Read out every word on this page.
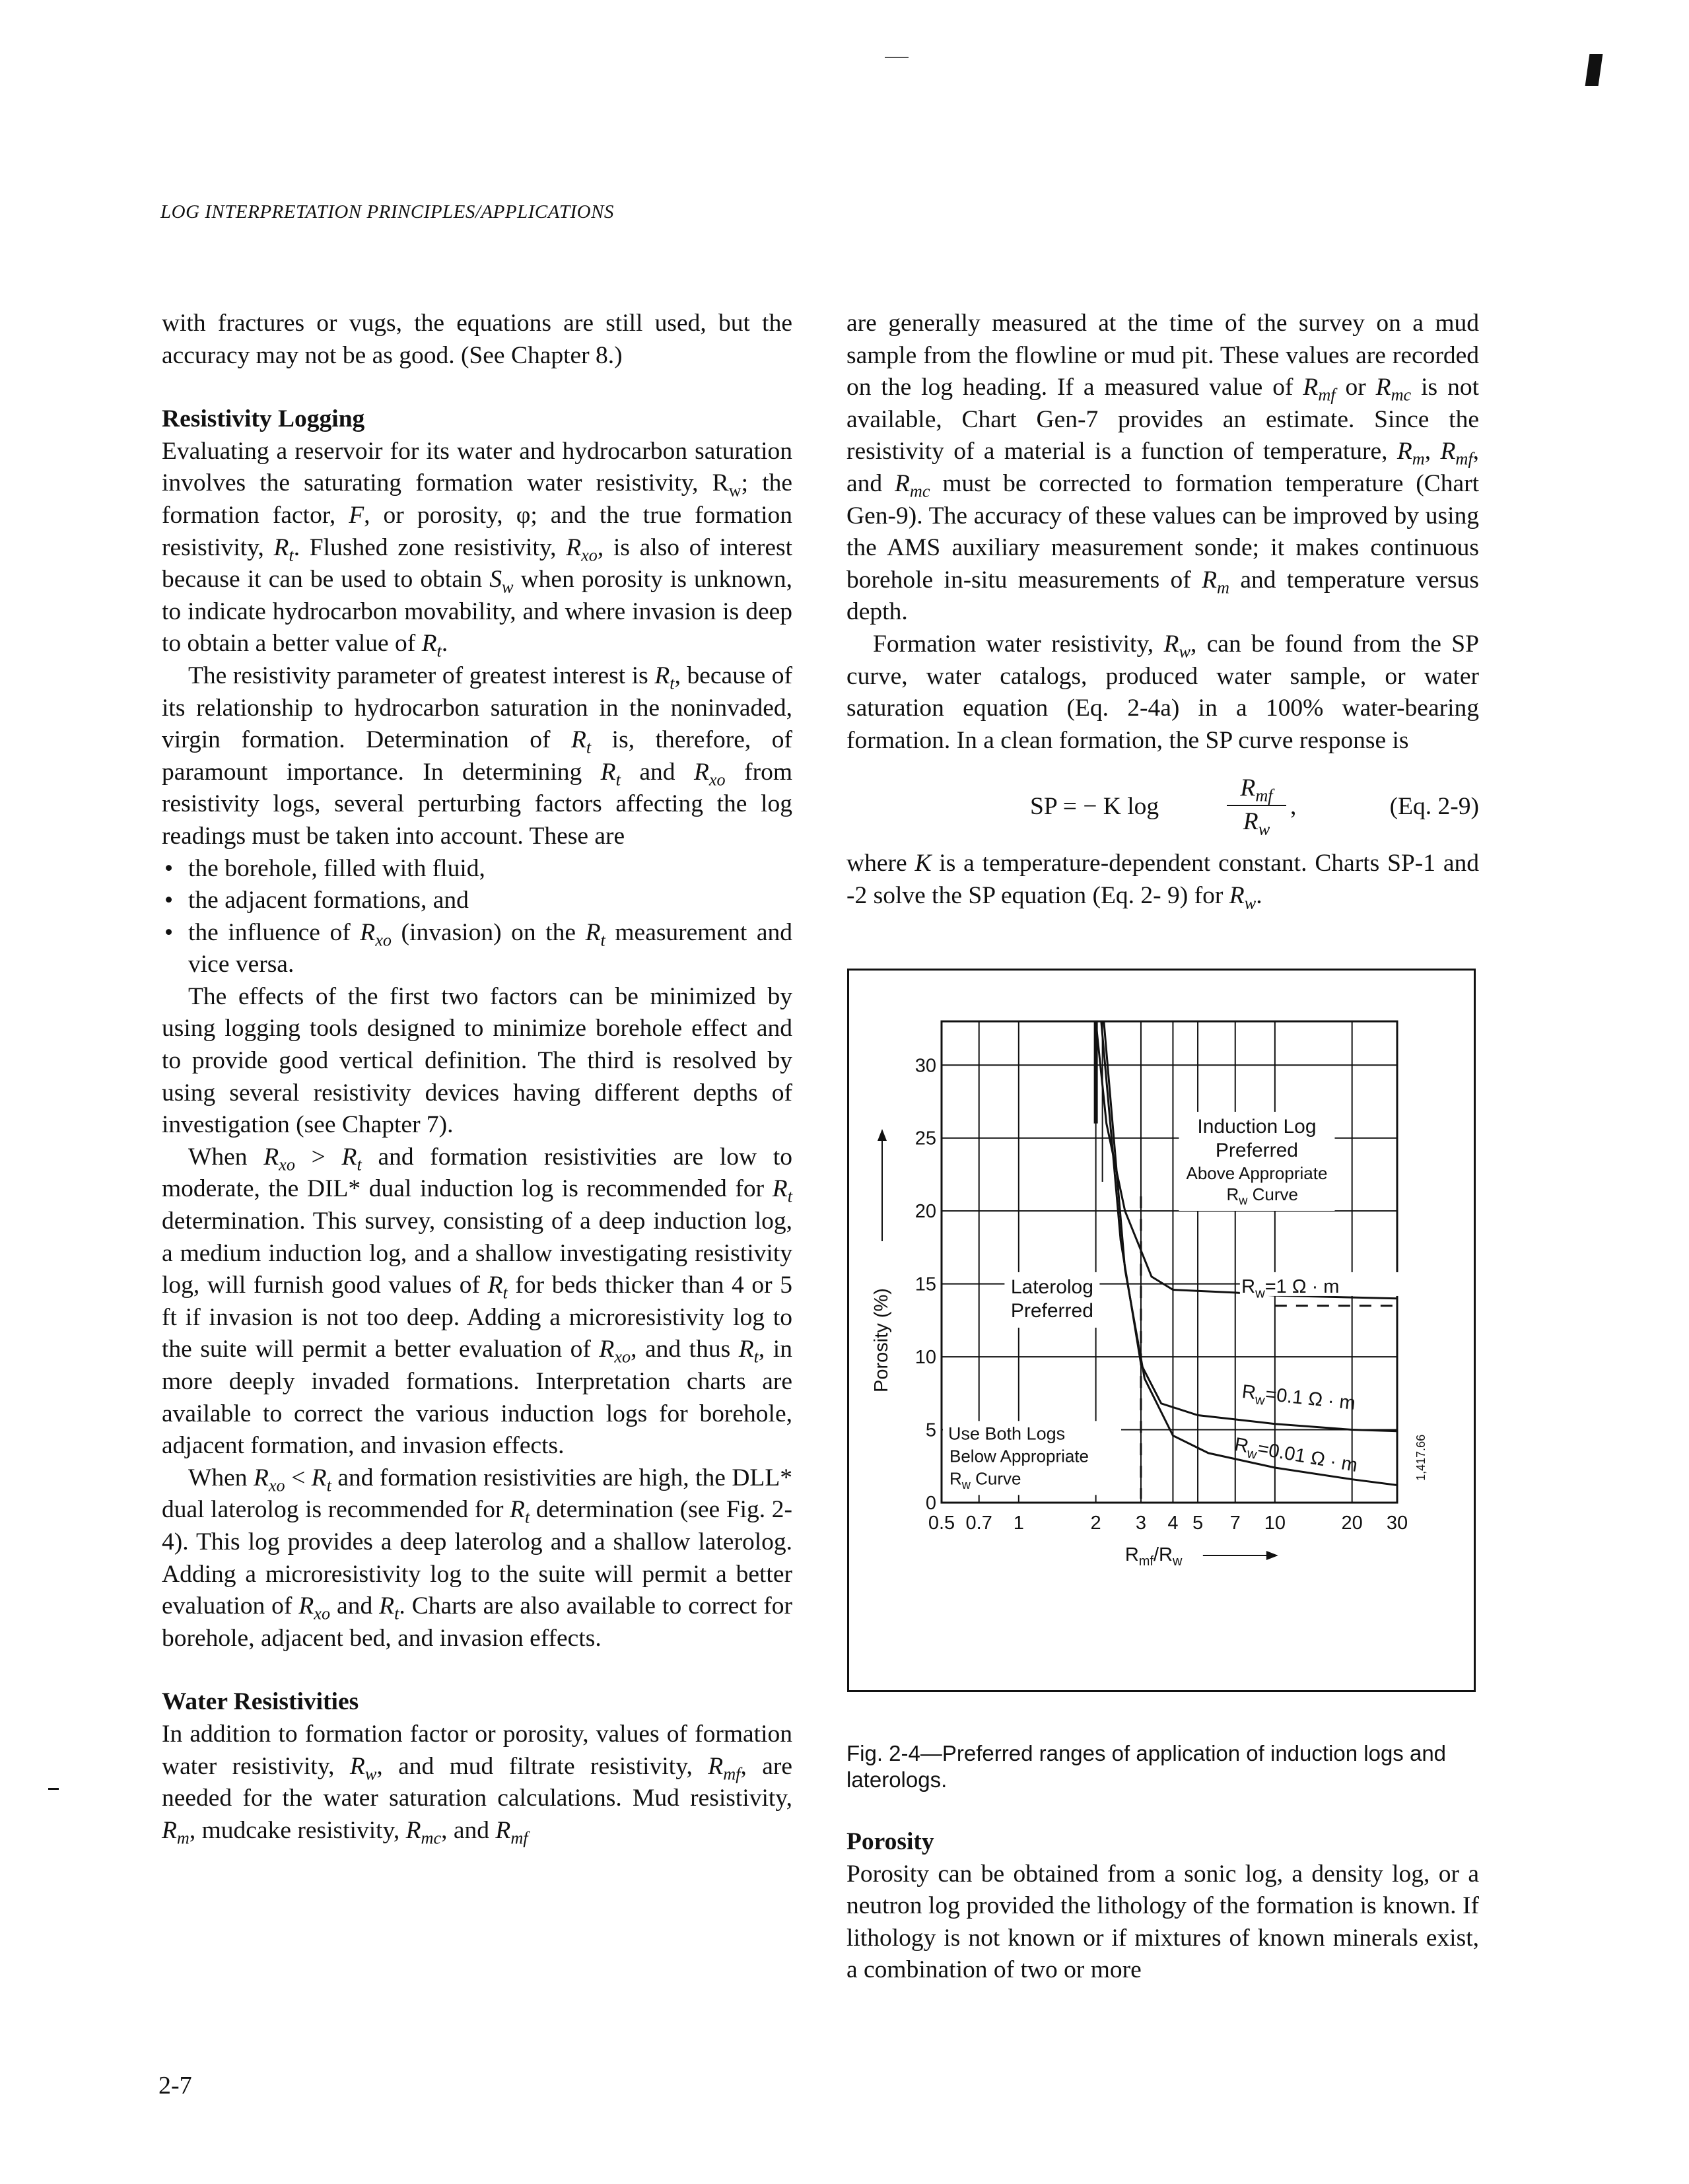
LOG INTERPRETATION PRINCIPLES/APPLICATIONS

with fractures or vugs, the equations are still used, but the accuracy may not be as good. (See Chapter 8.)

Resistivity Logging

Evaluating a reservoir for its water and hydrocarbon saturation involves the saturating formation water resistivity, $R_w$; the formation factor, F, or porosity, φ; and the true formation resistivity, $R_t$. Flushed zone resistivity, $R_{xo}$, is also of interest because it can be used to obtain $S_w$ when porosity is unknown, to indicate hydrocarbon movability, and where invasion is deep to obtain a better value of $R_t$.

The resistivity parameter of greatest interest is $R_t$, because of its relationship to hydrocarbon saturation in the noninvaded, virgin formation. Determination of $R_t$ is, therefore, of paramount importance. In determining $R_t$ and $R_{xo}$ from resistivity logs, several perturbing factors affecting the log readings must be taken into account. These are

• the borehole, filled with fluid,
• the adjacent formations, and
• the influence of $R_{xo}$ (invasion) on the $R_t$ measurement and vice versa.

The effects of the first two factors can be minimized by using logging tools designed to minimize borehole effect and to provide good vertical definition. The third is resolved by using several resistivity devices having different depths of investigation (see Chapter 7).

When $R_{xo} > R_t$ and formation resistivities are low to moderate, the DIL* dual induction log is recommended for $R_t$ determination. This survey, consisting of a deep induction log, a medium induction log, and a shallow investigating resistivity log, will furnish good values of $R_t$ for beds thicker than 4 or 5 ft if invasion is not too deep. Adding a microresistivity log to the suite will permit a better evaluation of $R_{xo}$, and thus $R_t$, in more deeply invaded formations. Interpretation charts are available to correct the various induction logs for borehole, adjacent formation, and invasion effects.

When $R_{xo} < R_t$ and formation resistivities are high, the DLL* dual laterolog is recommended for $R_t$ determination (see Fig. 2-4). This log provides a deep laterolog and a shallow laterolog. Adding a microresistivity log to the suite will permit a better evaluation of $R_{xo}$ and $R_t$. Charts are also available to correct for borehole, adjacent bed, and invasion effects.

Water Resistivities

In addition to formation factor or porosity, values of formation water resistivity, $R_w$, and mud filtrate resistivity, $R_{mf}$, are needed for the water saturation calculations. Mud resistivity, $R_m$, mudcake resistivity, $R_{mc}$, and $R_{mf}$

are generally measured at the time of the survey on a mud sample from the flowline or mud pit. These values are recorded on the log heading. If a measured value of $R_{mf}$ or $R_{mc}$ is not available, Chart Gen-7 provides an estimate. Since the resistivity of a material is a function of temperature, $R_m$, $R_{mf}$, and $R_{mc}$ must be corrected to formation temperature (Chart Gen-9). The accuracy of these values can be improved by using the AMS auxiliary measurement sonde; it makes continuous borehole in-situ measurements of $R_m$ and temperature versus depth.

Formation water resistivity, $R_w$, can be found from the SP curve, water catalogs, produced water sample, or water saturation equation (Eq. 2-4a) in a 100% water-bearing formation. In a clean formation, the SP curve response is

SP = − K log
$R_{mf}$
$R_w$
,	(Eq. 2-9)

where K is a temperature-dependent constant. Charts SP-1 and -2 solve the SP equation (Eq. 2- 9) for $R_w$.

0.5 0.7 1	2 3 4 5 7 10	20 30
0
5
10
15
20
25
30
$R_{mf}/R_w$
Porosity (%)
Induction Log
Preferred
Above Appropriate
$R_w$ Curve
Laterolog
Preferred
Use Both Logs
Below Appropriate
$R_w$ Curve
$R_w=1$ Ω · m
$R_w=0.1$ Ω · m
$R_w=0.01$ Ω · m	1,417.66
Fig. 2-4—Preferred ranges of application of induction logs and laterologs.

Porosity

Porosity can be obtained from a sonic log, a density log, or a neutron log provided the lithology of the formation is known. If lithology is not known or if mixtures of known minerals exist, a combination of two or more

2-7
